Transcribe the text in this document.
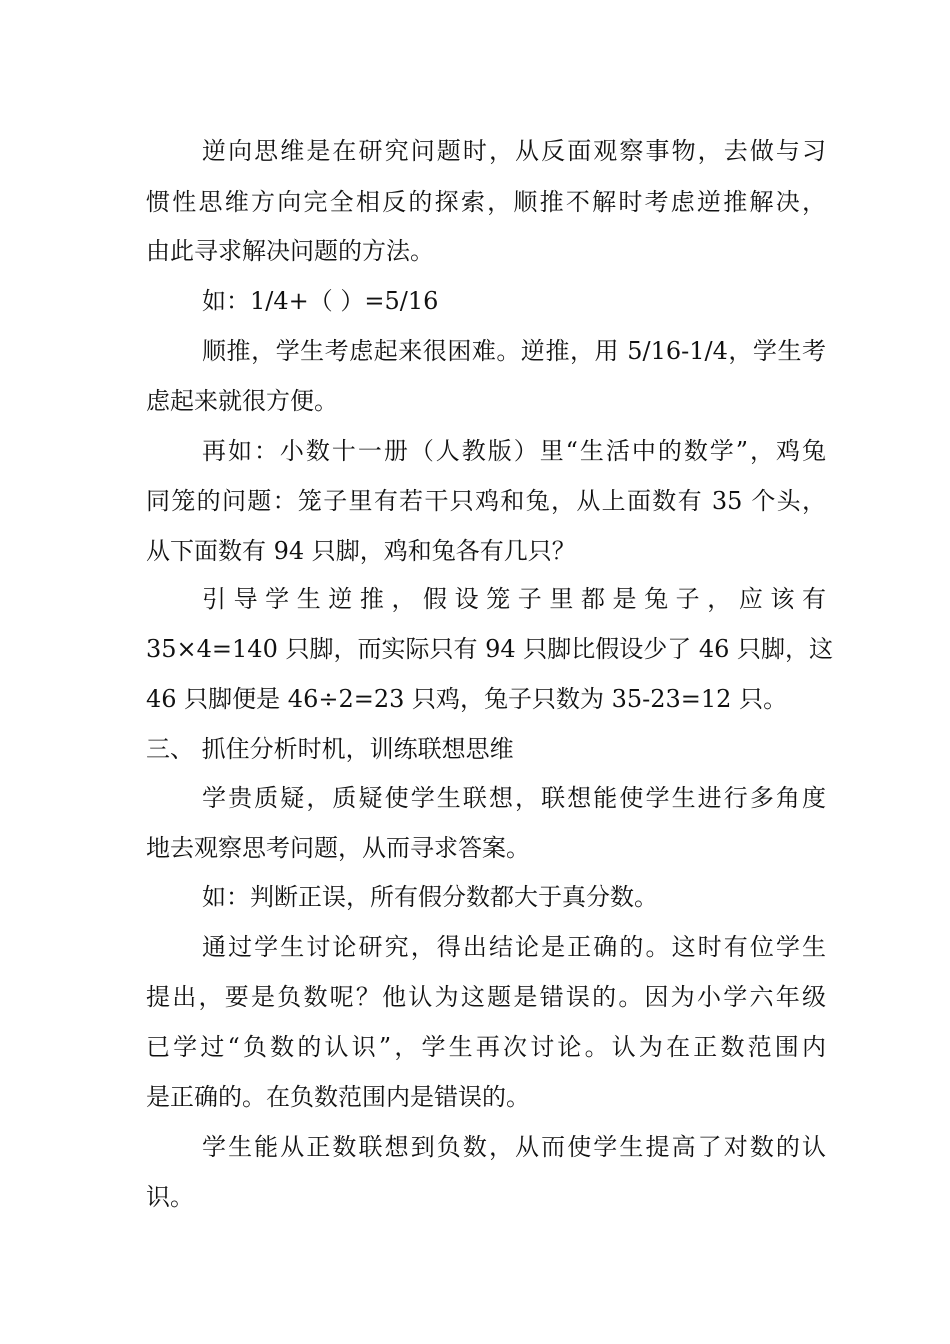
逆向思维是在研究问题时，从反面观察事物，去做与习
惯性思维方向完全相反的探索，顺推不解时考虑逆推解决，
由此寻求解决问题的方法。
如：1/4+（ ）=5/16
顺推，学生考虑起来很困难。逆推，用 5/16-1/4，学生考
虑起来就很方便。
再如：小数十一册（人教版）里“生活中的数学”，鸡兔
同笼的问题：笼子里有若干只鸡和兔，从上面数有 35 个头，
从下面数有 94 只脚，鸡和兔各有几只？
引导学生逆推，假设笼子里都是兔子，应该有
35×4=140 只脚，而实际只有 94 只脚比假设少了 46 只脚，这
46 只脚便是 46÷2=23 只鸡，兔子只数为 35-23=12 只。
三、 抓住分析时机，训练联想思维
学贵质疑，质疑使学生联想，联想能使学生进行多角度
地去观察思考问题，从而寻求答案。
如：判断正误，所有假分数都大于真分数。
通过学生讨论研究，得出结论是正确的。这时有位学生
提出，要是负数呢？他认为这题是错误的。因为小学六年级
已学过“负数的认识”，学生再次讨论。认为在正数范围内
是正确的。在负数范围内是错误的。
学生能从正数联想到负数，从而使学生提高了对数的认
识。
